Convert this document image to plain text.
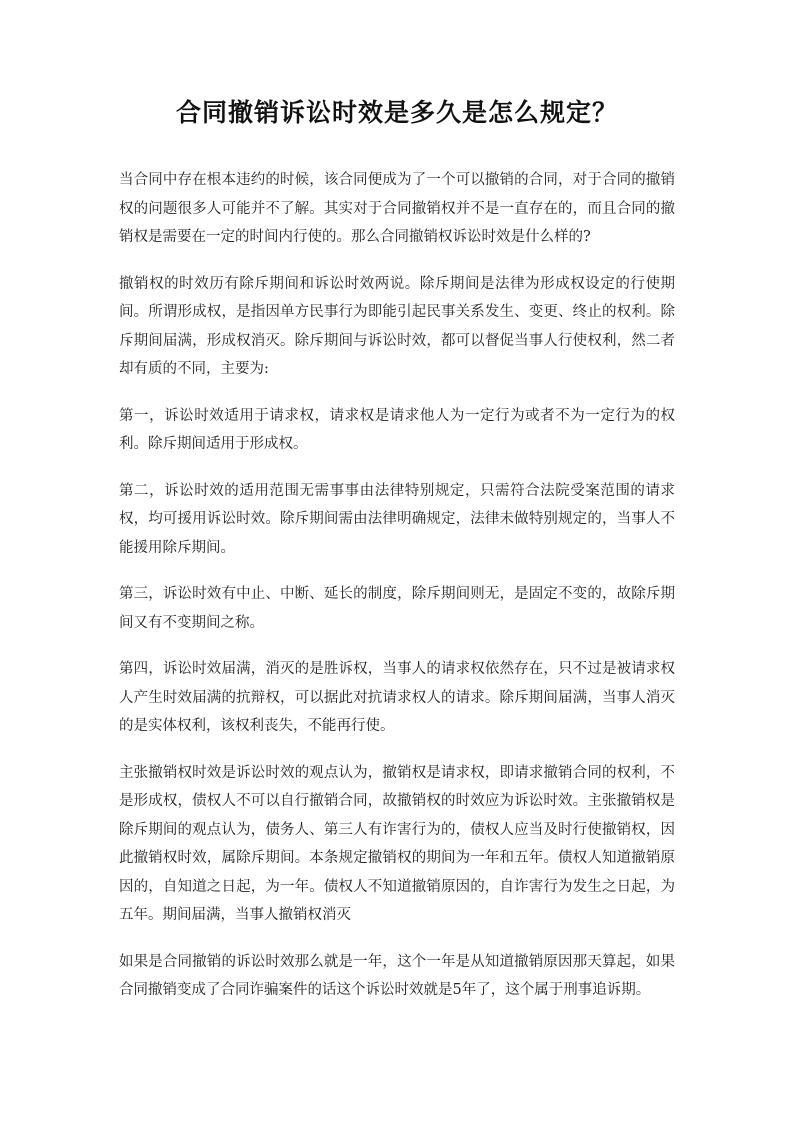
合同撤销诉讼时效是多久是怎么规定？

当合同中存在根本违约的时候，该合同便成为了一个可以撤销的合同，对于合同的撤销权的问题很多人可能并不了解。其实对于合同撤销权并不是一直存在的，而且合同的撤销权是需要在一定的时间内行使的。那么合同撤销权诉讼时效是什么样的?

撤销权的时效历有除斥期间和诉讼时效两说。除斥期间是法律为形成权设定的行使期间。所谓形成权，是指因单方民事行为即能引起民事关系发生、变更、终止的权利。除斥期间届满，形成权消灭。除斥期间与诉讼时效，都可以督促当事人行使权利，然二者却有质的不同，主要为:

第一，诉讼时效适用于请求权，请求权是请求他人为一定行为或者不为一定行为的权利。除斥期间适用于形成权。

第二，诉讼时效的适用范围无需事事由法律特别规定，只需符合法院受案范围的请求权，均可援用诉讼时效。除斥期间需由法律明确规定，法律未做特别规定的，当事人不能援用除斥期间。

第三，诉讼时效有中止、中断、延长的制度，除斥期间则无，是固定不变的，故除斥期间又有不变期间之称。

第四，诉讼时效届满，消灭的是胜诉权，当事人的请求权依然存在，只不过是被请求权人产生时效届满的抗辩权，可以据此对抗请求权人的请求。除斥期间届满，当事人消灭的是实体权利，该权利丧失，不能再行使。

主张撤销权时效是诉讼时效的观点认为，撤销权是请求权，即请求撤销合同的权利，不是形成权，债权人不可以自行撤销合同，故撤销权的时效应为诉讼时效。主张撤销权是除斥期间的观点认为，债务人、第三人有诈害行为的，债权人应当及时行使撤销权，因此撤销权时效，属除斥期间。本条规定撤销权的期间为一年和五年。债权人知道撤销原因的，自知道之日起，为一年。债权人不知道撤销原因的，自诈害行为发生之日起，为五年。期间届满，当事人撤销权消灭

如果是合同撤销的诉讼时效那么就是一年，这个一年是从知道撤销原因那天算起，如果合同撤销变成了合同诈骗案件的话这个诉讼时效就是5年了，这个属于刑事追诉期。
